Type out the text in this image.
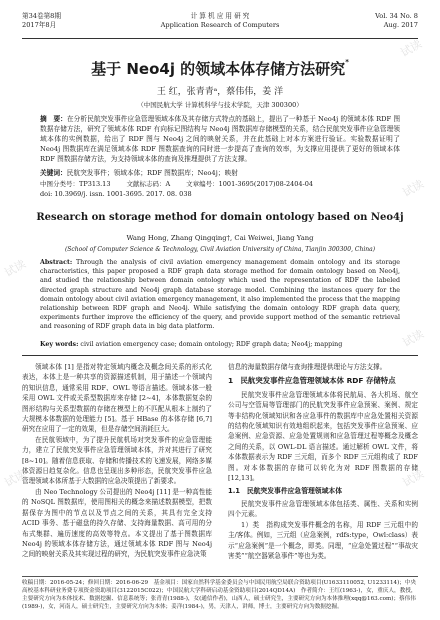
第34卷第8期
2017年8月
计 算 机 应 用 研 究
Application Research of Computers
Vol. 34 No. 8
Aug. 2017
基于 Neo4j 的领域本体存储方法研究*
王 红，张青青ᵃ，蔡伟伟，姜 洋
（中国民航大学 计算机科学与技术学院，天津 300300）
摘　要：在分析民航突发事件应急管理领域本体及其存储方式特点的基础上，提出了一种基于 Neo4j 的领域本体 RDF 图数据存储方法，研究了领域本体 RDF 有向标记图结构与 Neo4j 图数据库存储模型的关系，结合民航突发事件应急管理领域本体的实例数据，给出了 RDF 图与 Neo4j 之间的映射关系，并在此基础上对本方案进行验证。实验数据证明了 Neo4j 图数据库在满足领域本体 RDF 图数据查询的同时进一步提高了查询的效率，为支撑应用提供了更好的领域本体 RDF 图数据存储方法，为支持领域本体的查询及推理提供了方法支撑。
关键词：民航突发事件；领域本体；RDF 图数据库；Neo4j；映射
中图分类号：TP313.13 文献标志码：A 文章编号：1001-3695(2017)08-2404-04
doi: 10.3969/j. issn. 1001-3695. 2017. 08. 038
Research on storage method for domain ontology based on Neo4j
Wang Hong, Zhang Qingqing†, Cai Weiwei, Jiang Yang
(School of Computer Science & Technology, Civil Aviation University of China, Tianjin 300300, China)
Abstract: Through the analysis of civil aviation emergency management domain ontology and its storage characteristics, this paper proposed a RDF graph data storage method for domain ontology based on Neo4j, and studied the relationship between domain ontology which used the representation of RDF the labeled directed graph structure and Neo4j graph database storage model. Combining the instances query for the domain ontology about civil aviation emergency management, it also implemented the process that the mapping relationship between RDF graph and Neo4j. While satisfying the domain ontology RDF graph data query, experiments further improve the efficiency of the query, and provide support method of the semantic retrieval and reasoning of RDF graph data in big data platform.
Key words: civil aviation emergency case; domain ontology; RDF graph data; Neo4j; mapping

领域本体 [1] 是指对特定领域内概念及概念间关系的形式化表达，本体上是一种共享的资源描述机制，用于描述一个领域内的知识信息，通常采用 RDF、OWL 等语言描述。领域本体一般采用 OWL 文件或关系型数据库来存储 [2~4]，本体数据复杂的图形结构与关系型数据的存储在模型上的不匹配从根本上制约了大规模本体数据的处理能力 [5]。基于 HBase 的本体存储 [6,7] 研究在应用了一定的效果，但是存储空间消耗巨大。

在民航领域中，为了提升民航机场对突发事件的应急管理能力，建立了民航突发事件应急管理领域本体，并对其进行了研究 [8~10]。随着信息获取、存储和传播技术的飞速发展，网络多媒体资源日趋复杂化。信息也呈现出多种形态，民航突发事件应急管理领域本体所基于大数据的应急决策提出了新要求。

由 Neo Technology 公司提出的 Neo4j [11] 是一种高性能的 NoSQL 图数据库，使用图相关的概念来描述数据模型，把数据保存为图中的节点以及节点之间的关系，其具有完全支持 ACID 事务、基于磁盘的持久存储、支持海量数据、高可用的分布式集群、遍历速度的高效等特点。本文提出了基于图数据库 Neo4j 的领域本体存储方法，通过领域本体 RDF 图与 Neo4j 之间的映射关系及其实现过程的研究，为民航突发事件应急决策

信息的海量数据存储与查询推理提供理论与方法支撑。

1　民航突发事件应急管理领域本体 RDF 存储特点

民航突发事件应急管理领域本体将民航局、各大机场、航空公司与空管局等管理部门的民航突发事件应急预案、案例、规定等非结构化领域知识和各应急事件的数据库中应急处置相关资源的结构化领域知识有效地组织起来，包括突发事件应急预案、应急案例、应急资源、应急处置规则和应急管理过程等概念及概念之间的关系，以 OWL-DL 语言描述。通过解析 OWL 文件，将本体数据表示为 RDF 三元组，而多个 RDF 三元组构成了 RDF 图。对本体数据的存储可以转化为对 RDF 图数据的存储 [12,13]。

1.1　民航突发事件应急管理领域本体

民航突发事件应急管理领域本体包括类、属性、关系和实例四个元素。

1）类　指构成突发事件概念的名称，用 RDF 三元组中的主/客体。例如，三元组（应急案例，rdfs:type，Owl:class）表示“应急案例”是一个概念，即类。同理，“应急处置过程”“事故灾害类”“航空器紧急事件”等也为类。

收稿日期：2016-05-24；修回日期：2016-06-29　基金项目：国家自然科学基金委员会与中国民用航空局联合资助项目(U1633110052, U1233114)；中央高校基本科研业务费专项资金资助项目(3122015C022)；中国民航大学科研启动基金资助项目(2014QD14A)　作者简介：王红(1963-)，女，重庆人，教授，主要研究方向为本体技术、数据挖掘、信息系统等；张青青(1988-)，女(通信作者)，山西人，硕士研究生，主要研究方向为本体推理(xqq@163.com)；蔡伟伟(1989-)，女，河南人，硕士研究生，主要研究方向为本体；姜洋(1984-)，男，天津人，讲师，博士，主要研究方向为数据挖掘。
试读
试读
试读
试读
试读
试读
